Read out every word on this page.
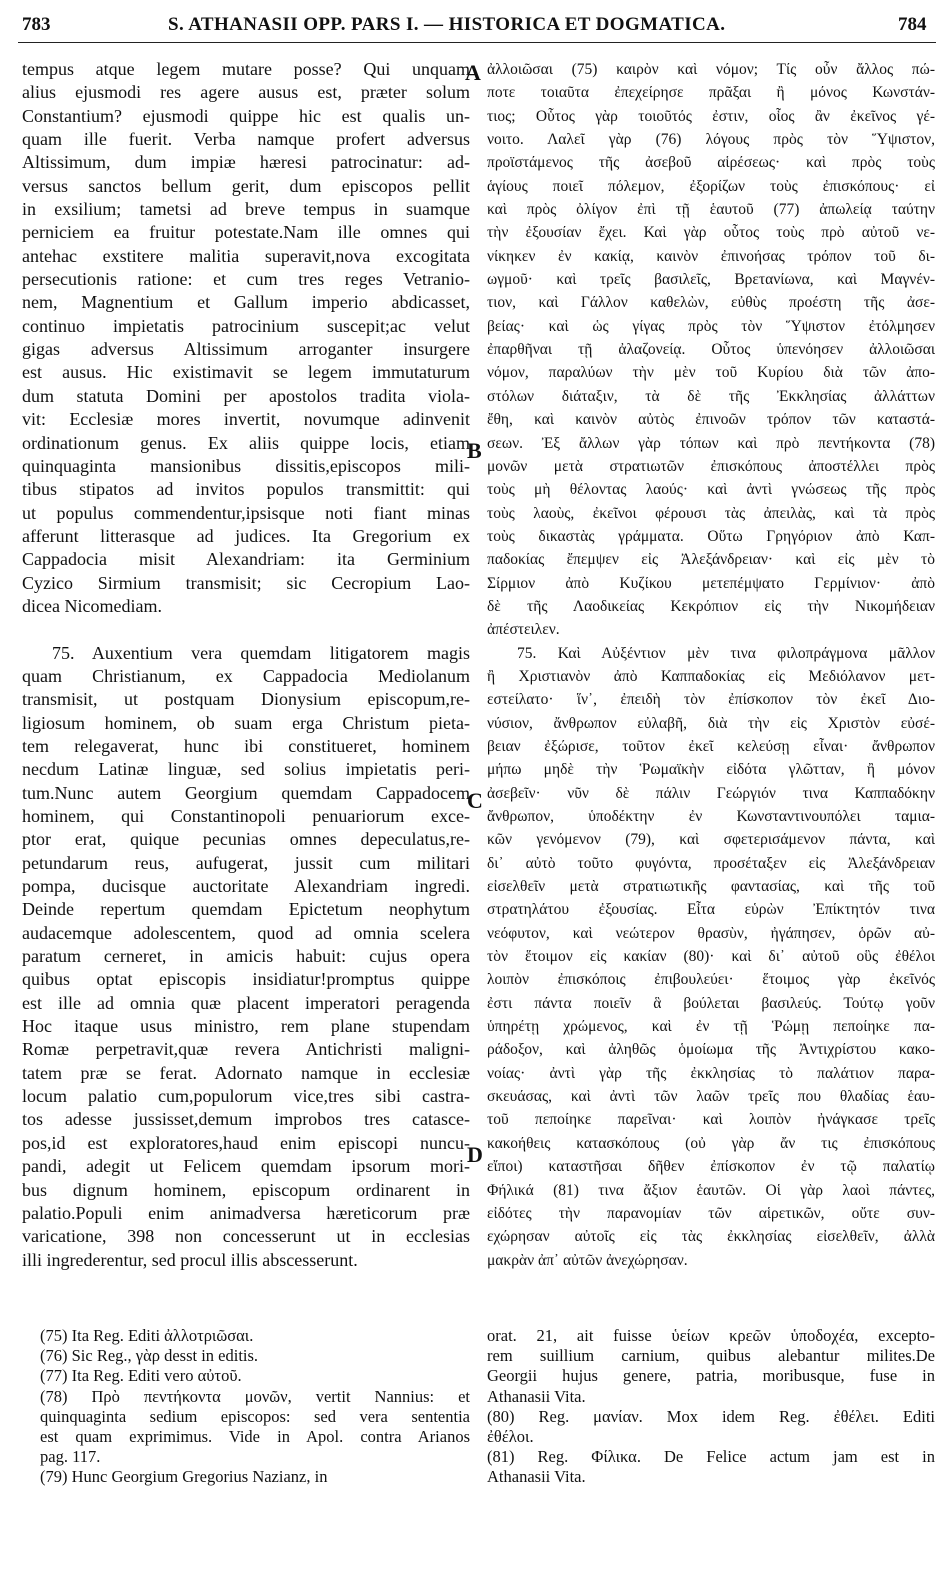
783	S. ATHANASII OPP. PARS I. — HISTORICA ET DOGMATICA.	784
A
B
C
D
tempus atque legem mutare posse? Qui unquam
alius ejusmodi res agere ausus est, præter solum
Constantium? ejusmodi quippe hic est qualis un-
quam ille fuerit. Verba namque profert adversus
Altissimum, dum impiæ hæresi patrocinatur: ad-
versus sanctos bellum gerit, dum episcopos pellit
in exsilium; tametsi ad breve tempus in suamque
perniciem ea fruitur potestate.Nam ille omnes qui
antehac exstitere malitia superavit,nova excogitata
persecutionis ratione: et cum tres reges Vetranio-
nem, Magnentium et Gallum imperio abdicasset,
continuo impietatis patrocinium suscepit;ac velut
gigas adversus Altissimum arroganter insurgere
est ausus. Hic existimavit se legem immutaturum
dum statuta Domini per apostolos tradita viola-
vit: Ecclesiæ mores invertit, novumque adinvenit
ordinationum genus. Ex aliis quippe locis, etiam
quinquaginta mansionibus dissitis,episcopos mili-
tibus stipatos ad invitos populos transmittit: qui
ut populus commendentur,ipsisque noti fiant minas
afferunt litterasque ad judices. Ita Gregorium ex
Cappadocia misit Alexandriam: ita Germinium
Cyzico Sirmium transmisit; sic Cecropium Lao-
dicea Nicomediam.
75. Auxentium vera quemdam litigatorem magis
quam Christianum, ex Cappadocia Mediolanum
transmisit, ut postquam Dionysium episcopum,re-
ligiosum hominem, ob suam erga Christum pieta-
tem relegaverat, hunc ibi constitueret, hominem
necdum Latinæ linguæ, sed solius impietatis peri-
tum.Nunc autem Georgium quemdam Cappadocem
hominem, qui Constantinopoli penuariorum exce-
ptor erat, quique pecunias omnes depeculatus,re-
petundarum reus, aufugerat, jussit cum militari
pompa, ducisque auctoritate Alexandriam ingredi.
Deinde repertum quemdam Epictetum neophytum
audacemque adolescentem, quod ad omnia scelera
paratum cerneret, in amicis habuit: cujus opera
quibus optat episcopis insidiatur!promptus quippe
est ille ad omnia quæ placent imperatori peragenda
Hoc itaque usus ministro, rem plane stupendam
Romæ perpetravit,quæ revera Antichristi maligni-
tatem præ se ferat. Adornato namque in ecclesiæ
locum palatio cum,populorum vice,tres sibi castra-
tos adesse jussisset,demum improbos tres catasce-
pos,id est exploratores,haud enim episcopi nuncu-
pandi, adegit ut Felicem quemdam ipsorum mori-
bus dignum hominem, episcopum ordinarent in
palatio.Populi enim animadversa hæreticorum præ
varicatione, 398 non concesserunt ut in ecclesias
illi ingrederentur, sed procul illis abscesserunt.
ἀλλοιῶσαι (75) καιρὸν καὶ νόμον; Τίς οὖν ἄλλος πώ-
ποτε τοιαῦτα ἐπεχείρησε πρᾶξαι ἢ μόνος Κωνστάν-
τιος; Οὗτος γὰρ τοιοῦτός ἐστιν, οἷος ἂν ἐκεῖνος γέ-
νοιτο. Λαλεῖ γὰρ (76) λόγους πρὸς τὸν Ὕψιστον,
προϊστάμενος τῆς ἀσεβοῦ αἱρέσεως· καὶ πρὸς τοὺς
ἁγίους ποιεῖ πόλεμον, ἐξορίζων τοὺς ἐπισκόπους· εἰ
καὶ πρὸς ὀλίγον ἐπὶ τῇ ἑαυτοῦ (77) ἀπωλείᾳ ταύτην
τὴν ἐξουσίαν ἔχει. Καὶ γὰρ οὗτος τοὺς πρὸ αὐτοῦ νε-
νίκηκεν ἐν κακίᾳ, καινὸν ἐπινοήσας τρόπον τοῦ δι-
ωγμοῦ· καὶ τρεῖς βασιλεῖς, Βρετανίωνα, καὶ Μαγνέν-
τιον, καὶ Γάλλον καθελὼν, εὐθὺς προέστη τῆς ἀσε-
βείας· καὶ ὡς γίγας πρὸς τὸν Ὕψιστον ἐτόλμησεν
ἐπαρθῆναι τῇ ἀλαζονείᾳ. Οὗτος ὑπενόησεν ἀλλοιῶσαι
νόμον, παραλύων τὴν μὲν τοῦ Κυρίου διὰ τῶν ἀπο-
στόλων διάταξιν, τὰ δὲ τῆς Ἐκκλησίας ἀλλάττων
ἔθη, καὶ καινὸν αὐτὸς ἐπινοῶν τρόπον τῶν καταστά-
σεων. Ἐξ ἄλλων γὰρ τόπων καὶ πρὸ πεντήκοντα (78)
μονῶν μετὰ στρατιωτῶν ἐπισκόπους ἀποστέλλει πρὸς
τοὺς μὴ θέλοντας λαούς· καὶ ἀντὶ γνώσεως τῆς πρὸς
τοὺς λαοὺς, ἐκεῖνοι φέρουσι τὰς ἀπειλὰς, καὶ τὰ πρὸς
τοὺς δικαστὰς γράμματα. Οὕτω Γρηγόριον ἀπὸ Καπ-
παδοκίας ἔπεμψεν εἰς Ἀλεξάνδρειαν· καὶ εἰς μὲν τὸ
Σίρμιον ἀπὸ Κυζίκου μετεπέμψατο Γερμίνιον· ἀπὸ
δὲ τῆς Λαοδικείας Κεκρόπιον εἰς τὴν Νικομήδειαν
ἀπέστειλεν.
75. Καὶ Αὐξέντιον μὲν τινα φιλοπράγμονα μᾶλλον
ἢ Χριστιανὸν ἀπὸ Καππαδοκίας εἰς Μεδιόλανον μετ-
εστείλατο· ἵν᾽, ἐπειδὴ τὸν ἐπίσκοπον τὸν ἐκεῖ Διο-
νύσιον, ἄνθρωπον εὐλαβῆ, διὰ τὴν εἰς Χριστὸν εὐσέ-
βειαν ἐξώρισε, τοῦτον ἐκεῖ κελεύσῃ εἶναι· ἄνθρωπον
μήπω μηδὲ τὴν Ῥωμαϊκὴν εἰδότα γλῶτταν, ἢ μόνον
ἀσεβεῖν· νῦν δὲ πάλιν Γεώργιόν τινα Καππαδόκην
ἄνθρωπον, ὑποδέκτην ἐν Κωνσταντινουπόλει ταμια-
κῶν γενόμενον (79), καὶ σφετερισάμενον πάντα, καὶ
δι᾽ αὐτὸ τοῦτο φυγόντα, προσέταξεν εἰς Ἀλεξάνδρειαν
εἰσελθεῖν μετὰ στρατιωτικῆς φαντασίας, καὶ τῆς τοῦ
στρατηλάτου ἐξουσίας. Εἶτα εὑρὼν Ἐπίκτητόν τινα
νεόφυτον, καὶ νεώτερον θρασὺν, ἠγάπησεν, ὁρῶν αὐ-
τὸν ἕτοιμον εἰς κακίαν (80)· καὶ δι᾽ αὐτοῦ οὓς ἐθέλοι
λοιπὸν ἐπισκόποις ἐπιβουλεύει· ἕτοιμος γὰρ ἐκεῖνός
ἐστι πάντα ποιεῖν ἃ βούλεται βασιλεύς. Τούτῳ γοῦν
ὑπηρέτῃ χρώμενος, καὶ ἐν τῇ Ῥώμῃ πεποίηκε πα-
ράδοξον, καὶ ἀληθῶς ὁμοίωμα τῆς Ἀντιχρίστου κακο-
νοίας· ἀντὶ γὰρ τῆς ἐκκλησίας τὸ παλάτιον παρα-
σκευάσας, καὶ ἀντὶ τῶν λαῶν τρεῖς που θλαδίας ἑαυ-
τοῦ πεποίηκε παρεῖναι· καὶ λοιπὸν ἠνάγκασε τρεῖς
κακοήθεις κατασκόπους (οὐ γὰρ ἄν τις ἐπισκόπους
εἴποι) καταστῆσαι δῆθεν ἐπίσκοπον ἐν τῷ παλατίῳ
Φήλικά (81) τινα ἄξιον ἑαυτῶν. Οἱ γὰρ λαοὶ πάντες,
εἰδότες τὴν παρανομίαν τῶν αἱρετικῶν, οὔτε συν-
εχώρησαν αὐτοῖς εἰς τὰς ἐκκλησίας εἰσελθεῖν, ἀλλὰ
μακρὰν ἀπ᾽ αὐτῶν ἀνεχώρησαν.
(75) Ita Reg. Editi ἀλλοτριῶσαι.
(76) Sic Reg., γὰρ desst in editis.
(77) Ita Reg. Editi vero αὐτοῦ.
(78) Πρὸ πεντήκοντα μονῶν, vertit Nannius: et
quinquaginta sedium episcopos: sed vera sententia
est quam exprimimus. Vide in Apol. contra Arianos
pag. 117.
(79) Hunc Georgium Gregorius Nazianz, in
orat. 21, ait fuisse ὑείων κρεῶν ὑποδοχέα, excepto-
rem suillium carnium, quibus alebantur milites.De
Georgii hujus genere, patria, moribusque, fuse in
Athanasii Vita.
(80) Reg. μανίαν. Mox idem Reg. ἐθέλει. Editi
ἐθέλοι.
(81) Reg. Φίλικα. De Felice actum jam est in
Athanasii Vita.
